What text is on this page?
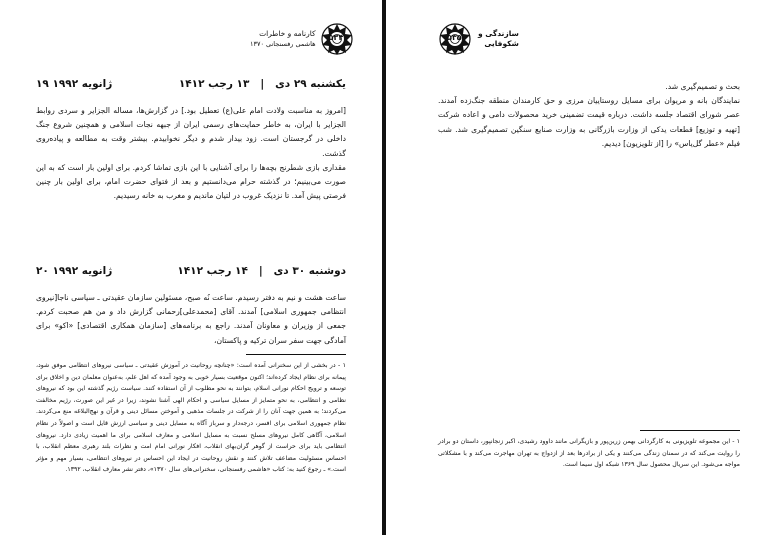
کارنامه و خاطرات
هاشمی رفسنجانی ۱۳۷۰
۵۳۴
۱۹ ژانویه ۱۹۹۲	یکشنبه ۲۹ دی   |   ۱۳ رجب ۱۴۱۲

[امروز به مناسبت ولادت امام علی(ع) تعطیل بود.] در گزارش‌ها، مساله الجزایر و سردی روابط الجزایر با ایران، به خاطر حمایت‌های رسمی ایران از جبهه نجات اسلامی و همچنین شروع جنگ داخلی در گرجستان است. زود بیدار شدم و دیگر نخوابیدم. بیشتر وقت به مطالعه و پیاده‌روی گذشت.

مقداری بازی شطرنج بچه‌ها را برای آشنایی با این بازی تماشا کردم. برای اولین بار است که به این صورت می‌بینیم؛ در گذشته حرام می‌دانستیم و بعد از فتوای حضرت امام، برای اولین بار چنین فرصتی پیش آمد. تا نزدیک غروب در لتیان ماندیم و مغرب به خانه رسیدیم.

۲۰ ژانویه ۱۹۹۲	دوشنبه ۳۰ دی   |   ۱۴ رجب ۱۴۱۲

ساعت هشت و نیم به دفتر رسیدم. ساعت نُه صبح، مسئولین سازمان عقیدتی ـ سیاسی ناجا[نیروی انتظامی جمهوری اسلامی] آمدند. آقای [محمدعلی]رحمانی گزارش داد و من هم صحبت کردم. جمعی از وزیران و معاونان آمدند. راجع به برنامه‌های [سازمان همکاری اقتصادی] «اکو» برای آمادگی جهت سفر سران ترکیه و پاکستان،

۱ - در بخشی از این سخنرانی آمده است: «چنانچه روحانیت در آموزش عقیدتی ـ سیاسی نیروهای انتظامی موفق شود، پیمانه برای نظام ایجاد کرده‌اند؛ اکنون موقعیت بسیار خوبی به وجود آمده که اهل علم، به‌عنوان معلمان دین و اخلاق برای توسعه و ترویج احکام نورانی اسلام، بتوانند به نحو مطلوب از آن استفاده کنند. سیاست رژیم گذشته این بود که نیروهای نظامی و انتظامی، به نحو متمایز از مسایل سیاسی و احکام الهی آشنا نشوند، زیرا در غیر این صورت، رژیم مخالفت می‌کردند؛ به همین جهت آنان را از شرکت در جلسات مذهبی و آموختن مسائل دینی و قرآن و نهج‌البلاغه منع می‌کردند. نظام جمهوری اسلامی برای افسر، درجه‌دار و سرباز آگاه به مسایل دینی و سیاسی ارزش قایل است و اصولاً در نظام اسلامی، آگاهی کامل نیروهای مسلح نسبت به مسایل اسلامی و معارف اسلامی برای ما اهمیت زیادی دارد. نیروهای انتظامی باید برای حراست از گوهر گران‌بهای انقلاب، افکار نورانی امام امت و نظرات بلند رهبری معظم انقلاب، با احساس مسئولیت مضاعف تلاش کنند و نقش روحانیت در ایجاد این احساس در نیروهای انتظامی، بسیار مهم و مؤثر است.» ـ رجوع کنید به: کتاب «هاشمی رفسنجانی، سخنرانی‌های سال ۱۳۷۰»، دفتر نشر معارف انقلاب، ۱۳۹۲.

۵۳۵ سازندگی و
شکوفایی

بحث و تصمیم‌گیری شد.

نمایندگان بانه و مریوان برای مسایل روستاییان مرزی و حق کارمندان منطقه جنگ‌زده آمدند. عصر شورای اقتصاد جلسه داشت. درباره قیمت تضمینی خرید محصولات دامی و اعاده شرکت [تهیه و توزیع] قطعات یدکی از وزارت بازرگانی به وزارت صنایع سنگین تصمیم‌گیری شد. شب فیلم «عطر گل‌یاس» را [از تلویزیون] دیدیم.

۱ - این مجموعه تلویزیونی به کارگردانی بهمن زرین‌پور و بازیگرانی مانند داوود رشیدی، اکبر زنجانپور، داستان دو برادر را روایت می‌کند که در سمنان زندگی می‌کنند و یکی از برادرها بعد از ازدواج به تهران مهاجرت می‌کند و با مشکلاتی مواجه می‌شود. این سریال محصول سال ۱۳۶۹ شبکه اول سیما است.
